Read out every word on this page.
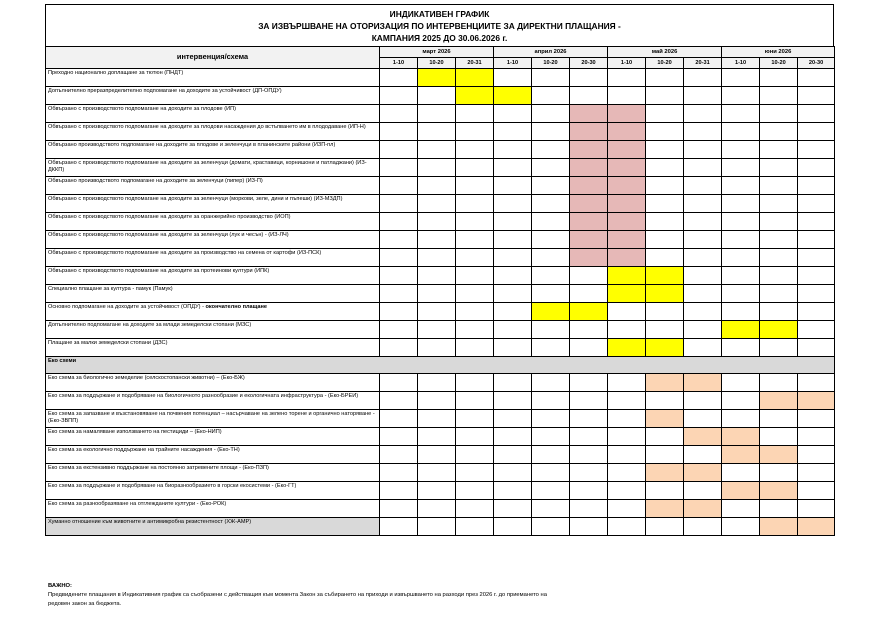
ИНДИКАТИВЕН ГРАФИК
ЗА ИЗВЪРШВАНЕ НА ОТОРИЗАЦИЯ ПО ИНТЕРВЕНЦИИТЕ ЗА ДИРЕКТНИ ПЛАЩАНИЯ -
КАМПАНИЯ 2025 ДО 30.06.2026 г.
интервенция/схема	март 2026			април 2026			май 2026			юни 2026		
	1-10	10-20	20-31	1-10	10-20	20-30	1-10	10-20	20-31	1-10	10-20	20-30
Преходно национално доплащане за тютюн (ПНДТ)												
Допълнително преразпределително подпомагане на доходите за устойчивост (ДП-ОПДУ)												
Обвързано с производството подпомагане на доходите за плодове (ИП)												
Обвързано с производството подпомагане на доходите за плодови насаждения до встъпването им в плододаване (ИП-Н)												
Обвързано производството подпомагане на доходите за плодове и зеленчуци в планинските райони (ИЗП-пл)												
Обвързано с производството подпомагане на доходите за зеленчуци (домати, краставици, корнишони и патладжани) (ИЗ-ДККП)												
Обвързано производството подпомагане на доходите за зеленчуци (пипер) (ИЗ-П)												
Обвързано с производството подпомагане на доходите за зеленчуци (моркови, зеле, дини и пъпеши) (ИЗ-МЗДП)												
Обвързано с производството подпомагане на доходите за оранжерийно производство (ИОП)												
Обвързано с производството подпомагане на доходите за зеленчуци (лук и чесън) - (ИЗ-ЛЧ)												
Обвързано с производството подпомагане на доходите за производство на семена от картофи (ИЗ-ПСК)												
Обвързано с производството подпомагане на доходите за протеинови култури (ИПК)												
Специално плащане за култура - памук (Памук)												
Основно подпомагане на доходите за устойчивост (ОПДУ) - окончателно плащане												
Допълнително подпомагане на доходите за млади земеделски стопани (МЗС)												
Плащане за малки земеделски стопани (ДЗС)												
Еко схеми												
Еко схема за биологично земеделие (селскостопански животни) – (Еко-БЖ)												
Еко схема за поддържане и подобряване на биологичното разнообразие и екологичната инфраструктура - (Еко-БРЕИ)												
Еко схема за запазване и възстановяване на почвения потенциал – насърчаване на зелено торене и органично наторяване - (Еко-ЗВПП)												
Еко схема за намаляване използването на пестициди – (Еко-НИП)												
Еко схема за екологично поддържане на трайните насаждения - (Еко-ТН)												
Еко схема за екстензивно поддържане на постоянно затревените площи - (Еко-ПЗП)												
Еко схема за поддържане и подобряване на биоразнообразието в горски екосистеми - (Еко-ГТ)												
Еко схема за разнообразяване на отглежданите култури - (Еко-РОК)												
Хуманно отношение към животните и антимикробна резистентност (ХЖ-АМР)												
ВАЖНО:
Предвидените плащания в Индикативния график са съобразени с действащия към момента Закон за събирането на приходи и извършването на разходи през 2026 г. до приемането на
редовен закон за бюджета.
